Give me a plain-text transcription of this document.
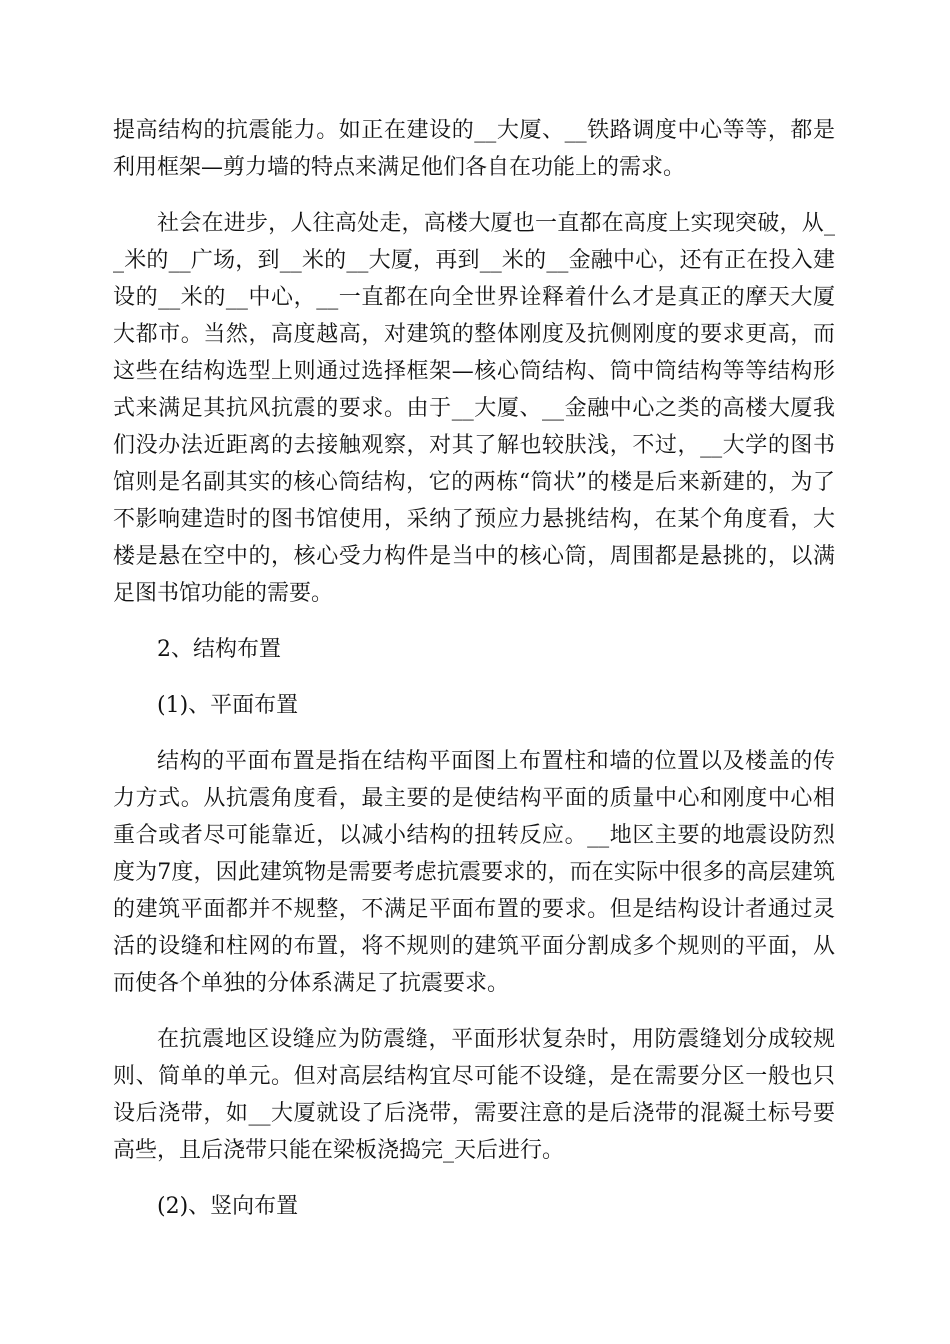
提高结构的抗震能力。如正在建设的__大厦、__铁路调度中心等等，都是利用框架—剪力墙的特点来满足他们各自在功能上的需求。

社会在进步，人往高处走，高楼大厦也一直都在高度上实现突破，从__米的__广场，到__米的__大厦，再到__米的__金融中心，还有正在投入建设的__米的__中心，__一直都在向全世界诠释着什么才是真正的摩天大厦大都市。当然，高度越高，对建筑的整体刚度及抗侧刚度的要求更高，而这些在结构选型上则通过选择框架—核心筒结构、筒中筒结构等等结构形式来满足其抗风抗震的要求。由于__大厦、__金融中心之类的高楼大厦我们没办法近距离的去接触观察，对其了解也较肤浅，不过，__大学的图书馆则是名副其实的核心筒结构，它的两栋“筒状”的楼是后来新建的，为了不影响建造时的图书馆使用，采纳了预应力悬挑结构，在某个角度看，大楼是悬在空中的，核心受力构件是当中的核心筒，周围都是悬挑的，以满足图书馆功能的需要。

2、结构布置

(1)、平面布置

结构的平面布置是指在结构平面图上布置柱和墙的位置以及楼盖的传力方式。从抗震角度看，最主要的是使结构平面的质量中心和刚度中心相重合或者尽可能靠近，以减小结构的扭转反应。__地区主要的地震设防烈度为7度，因此建筑物是需要考虑抗震要求的，而在实际中很多的高层建筑的建筑平面都并不规整，不满足平面布置的要求。但是结构设计者通过灵活的设缝和柱网的布置，将不规则的建筑平面分割成多个规则的平面，从而使各个单独的分体系满足了抗震要求。

在抗震地区设缝应为防震缝，平面形状复杂时，用防震缝划分成较规则、简单的单元。但对高层结构宜尽可能不设缝，是在需要分区一般也只设后浇带，如__大厦就设了后浇带，需要注意的是后浇带的混凝土标号要高些，且后浇带只能在梁板浇捣完_天后进行。

(2)、竖向布置
